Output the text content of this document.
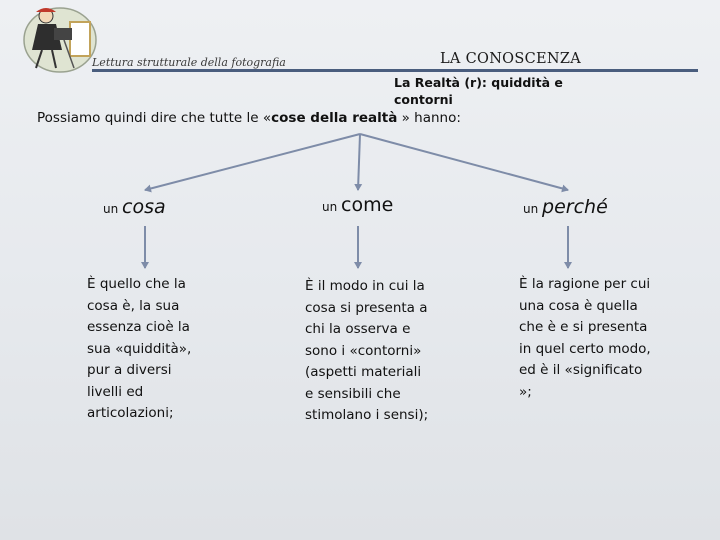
Lettura strutturale della fotografia	LA CONOSCENZA
La Realtà (r): quiddità e contorni
Possiamo quindi dire che tutte le «cose della realtà » hanno:
un cosa	un come	un perché
È quello che la cosa è, la sua essenza cioè la sua «quiddità», pur a diversi livelli ed articolazioni;
È il modo in cui la cosa si presenta a chi la osserva e sono i «contorni» (aspetti materiali e sensibili che stimolano i sensi);
È la ragione per cui una cosa è quella che è e si presenta in quel certo modo, ed è il «significato »;
